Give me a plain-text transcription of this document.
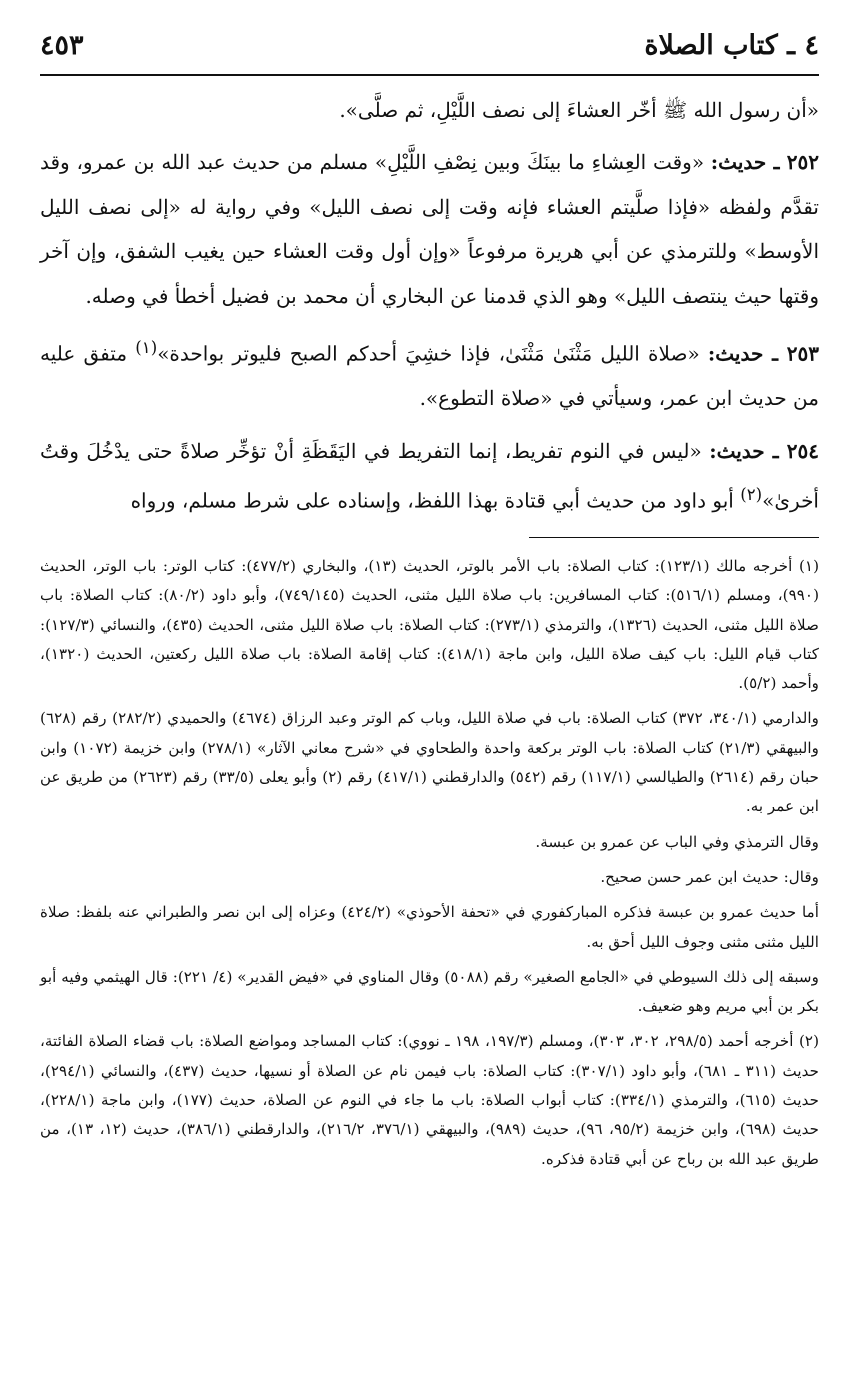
٤ ـ كتاب الصلاة
٤٥٣

«أن رسول الله ﷺ أخّر العشاءَ إلى نصف اللَّيْلِ، ثم صلَّى».

٢٥٢ ـ حديث: «وقت العِشاءِ ما بينَكَ وبين نِصْفِ اللَّيْلِ» مسلم من حديث عبد الله بن عمرو، وقد تقدَّم ولفظه «فإذا صلَّيتم العشاء فإنه وقت إلى نصف الليل» وفي رواية له «إلى نصف الليل الأوسط» وللترمذي عن أبي هريرة مرفوعاً «وإن أول وقت العشاء حين يغيب الشفق، وإن آخر وقتها حيث ينتصف الليل» وهو الذي قدمنا عن البخاري أن محمد بن فضيل أخطأ في وصله.

٢٥٣ ـ حديث: «صلاة الليل مَثْنَىٰ مَثْنَىٰ، فإذا خشِيَ أحدكم الصبح فليوتر بواحدة»$^{(١)}$ متفق عليه من حديث ابن عمر، وسيأتي في «صلاة التطوع».

٢٥٤ ـ حديث: «ليس في النوم تفريط، إنما التفريط في اليَقَظَةِ أنْ تؤخِّر صلاةً حتى يدْخُلَ وقتُ أخرىٰ»$^{(٢)}$ أبو داود من حديث أبي قتادة بهذا اللفظ، وإسناده على شرط مسلم، ورواه

(١) أخرجه مالك (١٢٣/١): كتاب الصلاة: باب الأمر بالوتر، الحديث (١٣)، والبخاري (٤٧٧/٢): كتاب الوتر: باب الوتر، الحديث (٩٩٠)، ومسلم (٥١٦/١): كتاب المسافرين: باب صلاة الليل مثنى، الحديث (٧٤٩/١٤٥)، وأبو داود (٨٠/٢): كتاب الصلاة: باب صلاة الليل مثنى، الحديث (١٣٢٦)، والترمذي (٢٧٣/١): كتاب الصلاة: باب صلاة الليل مثنى، الحديث (٤٣٥)، والنسائي (١٢٧/٣): كتاب قيام الليل: باب كيف صلاة الليل، وابن ماجة (٤١٨/١): كتاب إقامة الصلاة: باب صلاة الليل ركعتين، الحديث (١٣٢٠)، وأحمد (٥/٢).

والدارمي (٣٤٠/١، ٣٧٢) كتاب الصلاة: باب في صلاة الليل، وباب كم الوتر وعبد الرزاق (٤٦٧٤) والحميدي (٢٨٢/٢) رقم (٦٢٨) والبيهقي (٢١/٣) كتاب الصلاة: باب الوتر بركعة واحدة والطحاوي في «شرح معاني الآثار» (٢٧٨/١) وابن خزيمة (١٠٧٢) وابن حبان رقم (٢٦١٤) والطيالسي (١١٧/١) رقم (٥٤٢) والدارقطني (٤١٧/١) رقم (٢) وأبو يعلى (٣٣/٥) رقم (٢٦٢٣) من طريق عن ابن عمر به.

وقال الترمذي وفي الباب عن عمرو بن عبسة.

وقال: حديث ابن عمر حسن صحيح.

أما حديث عمرو بن عبسة فذكره المباركفوري في «تحفة الأحوذي» (٤٢٤/٢) وعزاه إلى ابن نصر والطبراني عنه بلفظ: صلاة الليل مثنى مثنى وجوف الليل أحق به.

وسبقه إلى ذلك السيوطي في «الجامع الصغير» رقم (٥٠٨٨) وقال المناوي في «فيض القدير» (٤/ ٢٢١): قال الهيثمي وفيه أبو بكر بن أبي مريم وهو ضعيف.

(٢) أخرجه أحمد (٢٩٨/٥، ٣٠٢، ٣٠٣)، ومسلم (١٩٧/٣، ١٩٨ ـ نووي): كتاب المساجد ومواضع الصلاة: باب قضاء الصلاة الفائتة، حديث (٣١١ ـ ٦٨١)، وأبو داود (٣٠٧/١): كتاب الصلاة: باب فيمن نام عن الصلاة أو نسيها، حديث (٤٣٧)، والنسائي (٢٩٤/١)، حديث (٦١٥)، والترمذي (٣٣٤/١): كتاب أبواب الصلاة: باب ما جاء في النوم عن الصلاة، حديث (١٧٧)، وابن ماجة (٢٢٨/١)، حديث (٦٩٨)، وابن خزيمة (٩٥/٢، ٩٦)، حديث (٩٨٩)، والبيهقي (٣٧٦/١، ٢١٦/٢)، والدارقطني (٣٨٦/١)، حديث (١٢، ١٣)، من طريق عبد الله بن رباح عن أبي قتادة فذكره.
